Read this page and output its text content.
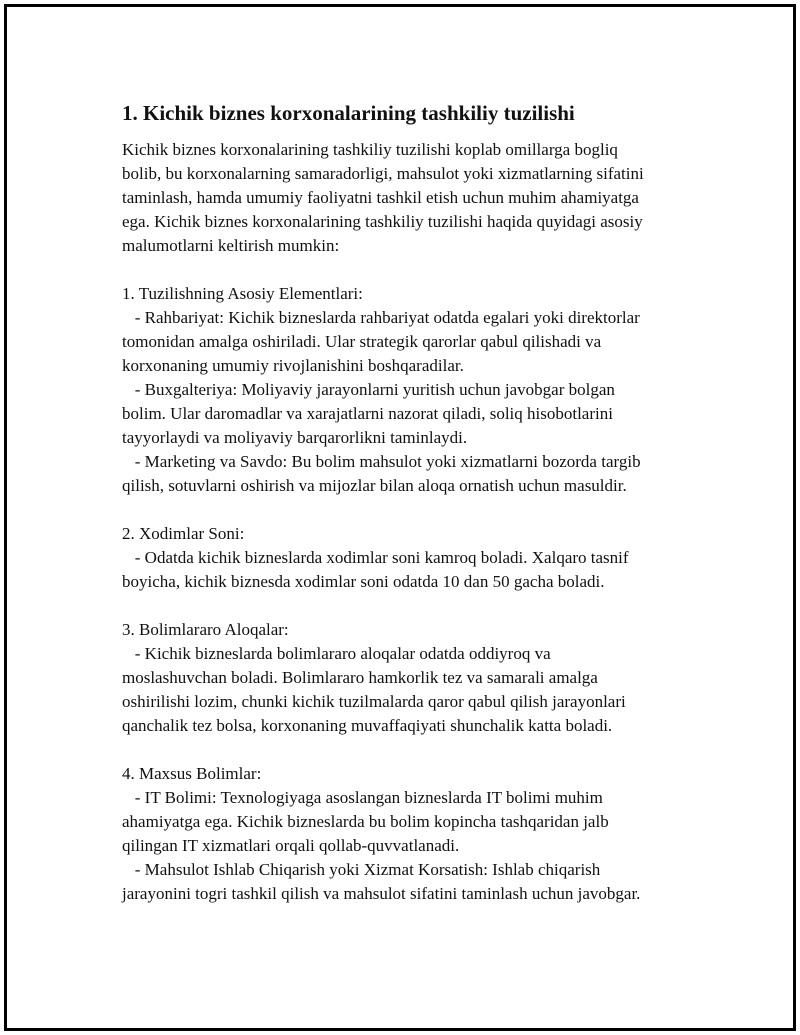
1. Kichik biznes korxonalarining tashkiliy tuzilishi
Kichik biznes korxonalarining tashkiliy tuzilishi koplab omillarga bogliq
bolib, bu korxonalarning samaradorligi, mahsulot yoki xizmatlarning sifatini
taminlash, hamda umumiy faoliyatni tashkil etish uchun muhim ahamiyatga
ega. Kichik biznes korxonalarining tashkiliy tuzilishi haqida quyidagi asosiy
malumotlarni keltirish mumkin:

1. Tuzilishning Asosiy Elementlari:
- Rahbariyat: Kichik bizneslarda rahbariyat odatda egalari yoki direktorlar
tomonidan amalga oshiriladi. Ular strategik qarorlar qabul qilishadi va
korxonaning umumiy rivojlanishini boshqaradilar.
- Buxgalteriya: Moliyaviy jarayonlarni yuritish uchun javobgar bolgan
bolim. Ular daromadlar va xarajatlarni nazorat qiladi, soliq hisobotlarini
tayyorlaydi va moliyaviy barqarorlikni taminlaydi.
- Marketing va Savdo: Bu bolim mahsulot yoki xizmatlarni bozorda targib
qilish, sotuvlarni oshirish va mijozlar bilan aloqa ornatish uchun masuldir.

2. Xodimlar Soni:
- Odatda kichik bizneslarda xodimlar soni kamroq boladi. Xalqaro tasnif
boyicha, kichik biznesda xodimlar soni odatda 10 dan 50 gacha boladi.

3. Bolimlararo Aloqalar:
- Kichik bizneslarda bolimlararo aloqalar odatda oddiyroq va
moslashuvchan boladi. Bolimlararo hamkorlik tez va samarali amalga
oshirilishi lozim, chunki kichik tuzilmalarda qaror qabul qilish jarayonlari
qanchalik tez bolsa, korxonaning muvaffaqiyati shunchalik katta boladi.

4. Maxsus Bolimlar:
- IT Bolimi: Texnologiyaga asoslangan bizneslarda IT bolimi muhim
ahamiyatga ega. Kichik bizneslarda bu bolim kopincha tashqaridan jalb
qilingan IT xizmatlari orqali qollab-quvvatlanadi.
- Mahsulot Ishlab Chiqarish yoki Xizmat Korsatish: Ishlab chiqarish
jarayonini togri tashkil qilish va mahsulot sifatini taminlash uchun javobgar.
